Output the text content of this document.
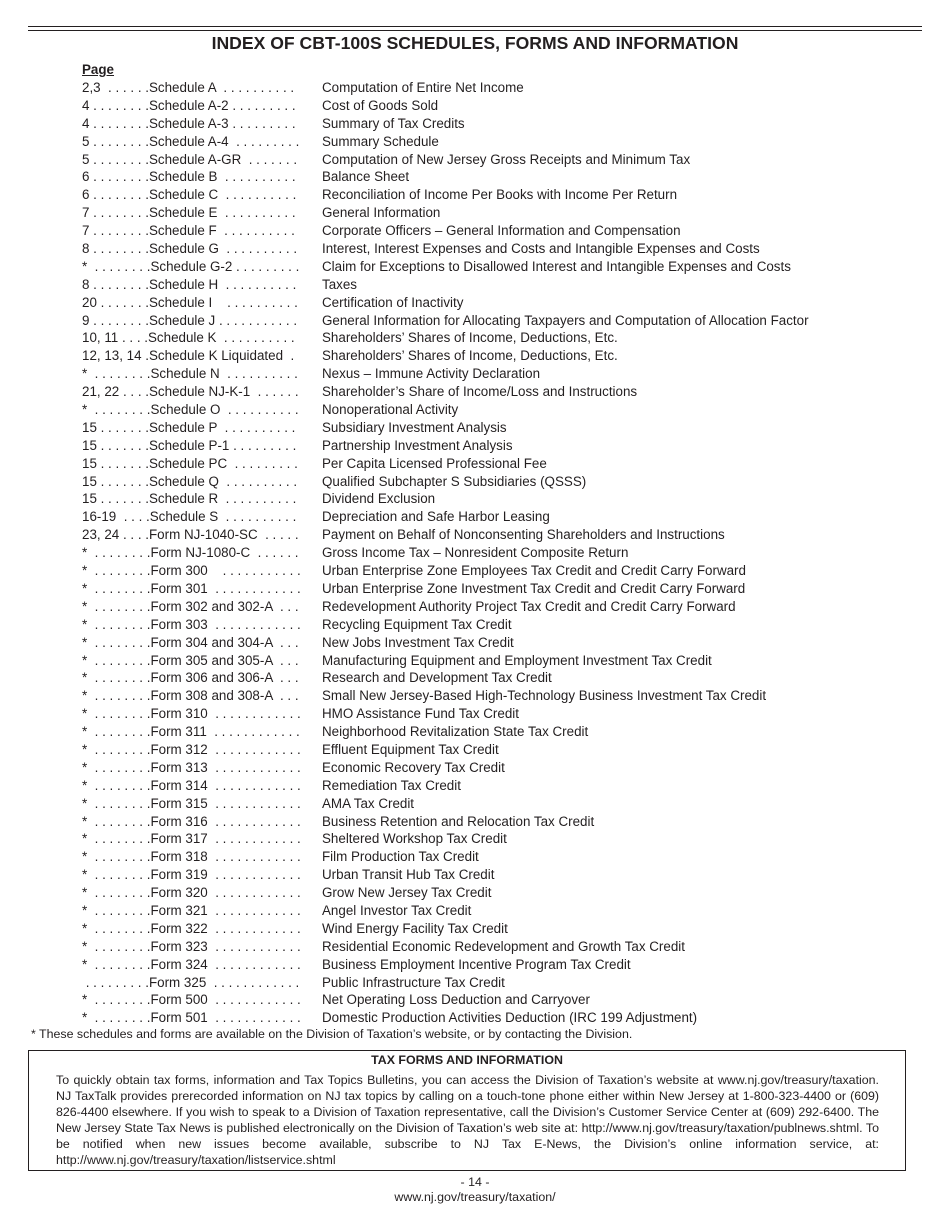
INDEX OF CBT-100S SCHEDULES, FORMS AND INFORMATION
Page
2,3  . . . . . .Schedule A  . . . . . . . . . .	Computation of Entire Net Income
4 . . . . . . . .Schedule A-2 . . . . . . . . .	Cost of Goods Sold
4 . . . . . . . .Schedule A-3 . . . . . . . . .	Summary of Tax Credits
5 . . . . . . . .Schedule A-4  . . . . . . . . .	Summary Schedule
5 . . . . . . . .Schedule A-GR  . . . . . . .	Computation of New Jersey Gross Receipts and Minimum Tax
6 . . . . . . . .Schedule B  . . . . . . . . . .	Balance Sheet
6 . . . . . . . .Schedule C  . . . . . . . . . .	Reconciliation of Income Per Books with Income Per Return
7 . . . . . . . .Schedule E  . . . . . . . . . .	General Information
7 . . . . . . . .Schedule F  . . . . . . . . . .	Corporate Officers – General Information and Compensation
8 . . . . . . . .Schedule G  . . . . . . . . . .	Interest, Interest Expenses and Costs and Intangible Expenses and Costs
*  . . . . . . . .Schedule G-2 . . . . . . . . .	Claim for Exceptions to Disallowed Interest and Intangible Expenses and Costs
8 . . . . . . . .Schedule H  . . . . . . . . . .	Taxes
20 . . . . . . .Schedule I    . . . . . . . . . .	Certification of Inactivity
9 . . . . . . . .Schedule J . . . . . . . . . . .	General Information for Allocating Taxpayers and Computation of Allocation Factor
10, 11 . . . .Schedule K  . . . . . . . . . .	Shareholders’ Shares of Income, Deductions, Etc.
12, 13, 14 .Schedule K Liquidated  .	Shareholders’ Shares of Income, Deductions, Etc.
*  . . . . . . . .Schedule N  . . . . . . . . . .	Nexus – Immune Activity Declaration
21, 22 . . . .Schedule NJ-K-1  . . . . . .	Shareholder’s Share of Income/Loss and Instructions
*  . . . . . . . .Schedule O  . . . . . . . . . .	Nonoperational Activity
15 . . . . . . .Schedule P  . . . . . . . . . .	Subsidiary Investment Analysis
15 . . . . . . .Schedule P-1 . . . . . . . . .	Partnership Investment Analysis
15 . . . . . . .Schedule PC  . . . . . . . . .	Per Capita Licensed Professional Fee
15 . . . . . . .Schedule Q  . . . . . . . . . .	Qualified Subchapter S Subsidiaries (QSSS)
15 . . . . . . .Schedule R  . . . . . . . . . .	Dividend Exclusion
16-19  . . . .Schedule S  . . . . . . . . . .	Depreciation and Safe Harbor Leasing
23, 24 . . . .Form NJ-1040-SC  . . . . .	Payment on Behalf of Nonconsenting Shareholders and Instructions
*  . . . . . . . .Form NJ-1080-C  . . . . . .	Gross Income Tax – Nonresident Composite Return
*  . . . . . . . .Form 300    . . . . . . . . . . .	Urban Enterprise Zone Employees Tax Credit and Credit Carry Forward
*  . . . . . . . .Form 301  . . . . . . . . . . . .	Urban Enterprise Zone Investment Tax Credit and Credit Carry Forward
*  . . . . . . . .Form 302 and 302-A  . . .	Redevelopment Authority Project Tax Credit and Credit Carry Forward
*  . . . . . . . .Form 303  . . . . . . . . . . . .	Recycling Equipment Tax Credit
*  . . . . . . . .Form 304 and 304-A  . . .	New Jobs Investment Tax Credit
*  . . . . . . . .Form 305 and 305-A  . . .	Manufacturing Equipment and Employment Investment Tax Credit
*  . . . . . . . .Form 306 and 306-A  . . .	Research and Development Tax Credit
*  . . . . . . . .Form 308 and 308-A  . . .	Small New Jersey-Based High-Technology Business Investment Tax Credit
*  . . . . . . . .Form 310  . . . . . . . . . . . .	HMO Assistance Fund Tax Credit
*  . . . . . . . .Form 311  . . . . . . . . . . . .	Neighborhood Revitalization State Tax Credit
*  . . . . . . . .Form 312  . . . . . . . . . . . .	Effluent Equipment Tax Credit
*  . . . . . . . .Form 313  . . . . . . . . . . . .	Economic Recovery Tax Credit
*  . . . . . . . .Form 314  . . . . . . . . . . . .	Remediation Tax Credit
*  . . . . . . . .Form 315  . . . . . . . . . . . .	AMA Tax Credit
*  . . . . . . . .Form 316  . . . . . . . . . . . .	Business Retention and Relocation Tax Credit
*  . . . . . . . .Form 317  . . . . . . . . . . . .	Sheltered Workshop Tax Credit
*  . . . . . . . .Form 318  . . . . . . . . . . . .	Film Production Tax Credit
*  . . . . . . . .Form 319  . . . . . . . . . . . .	Urban Transit Hub Tax Credit
*  . . . . . . . .Form 320  . . . . . . . . . . . .	Grow New Jersey Tax Credit
*  . . . . . . . .Form 321  . . . . . . . . . . . .	Angel Investor Tax Credit
*  . . . . . . . .Form 322  . . . . . . . . . . . .	Wind Energy Facility Tax Credit
*  . . . . . . . .Form 323  . . . . . . . . . . . .	Residential Economic Redevelopment and Growth Tax Credit
*  . . . . . . . .Form 324  . . . . . . . . . . . .	Business Employment Incentive Program Tax Credit
. . . . . . . . .Form 325  . . . . . . . . . . . .	Public Infrastructure Tax Credit
*  . . . . . . . .Form 500  . . . . . . . . . . . .	Net Operating Loss Deduction and Carryover
*  . . . . . . . .Form 501  . . . . . . . . . . . .	Domestic Production Activities Deduction (IRC 199 Adjustment)
* These schedules and forms are available on the Division of Taxation’s website, or by contacting the Division.
TAX FORMS AND INFORMATION
To quickly obtain tax forms, information and Tax Topics Bulletins, you can access the Division of Taxation’s website at www.nj.gov/treasury/taxation. NJ TaxTalk provides prerecorded information on NJ tax topics by calling on a touch-tone phone either within New Jersey at 1-800-323-4400 or (609) 826-4400 elsewhere. If you wish to speak to a Division of Taxation representative, call the Division’s Customer Service Center at (609) 292-6400. The New Jersey State Tax News is published electronically on the Division of Taxation’s web site at: http://www.nj.gov/treasury/taxation/publnews.shtml. To be notified when new issues become available, subscribe to NJ Tax E-News, the Division’s online information service, at: http://www.nj.gov/treasury/taxation/listservice.shtml
- 14 -
www.nj.gov/treasury/taxation/
